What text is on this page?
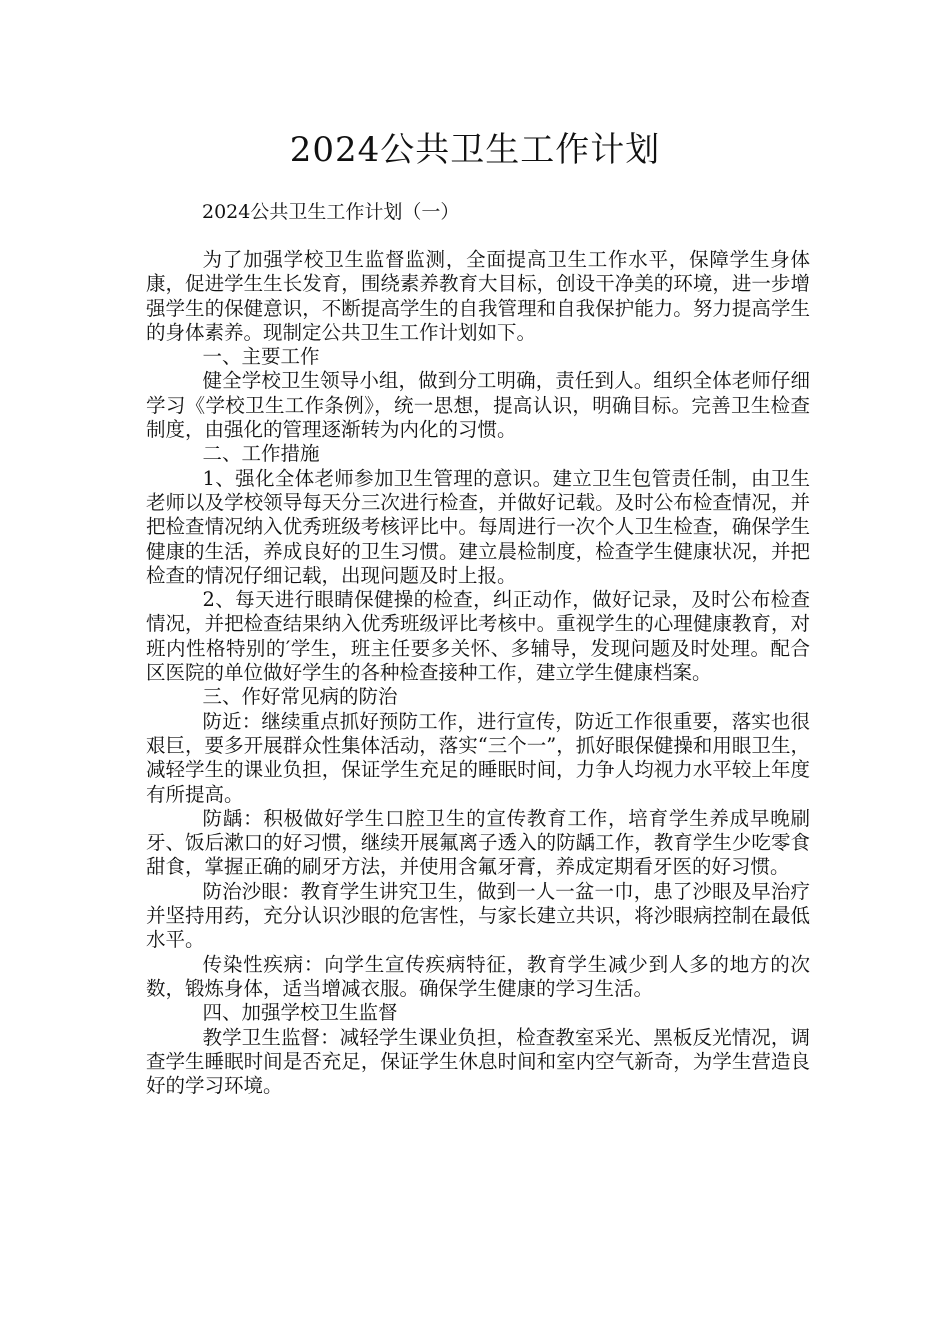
2024公共卫生工作计划
2024公共卫生工作计划（一）

为了加强学校卫生监督监测，全面提高卫生工作水平，保障学生身体康，促进学生生长发育，围绕素养教育大目标，创设干净美的环境，进一步增强学生的保健意识，不断提高学生的自我管理和自我保护能力。努力提高学生的身体素养。现制定公共卫生工作计划如下。

一、主要工作

健全学校卫生领导小组，做到分工明确，责任到人。组织全体老师仔细学习《学校卫生工作条例》，统一思想，提高认识，明确目标。完善卫生检查制度，由强化的管理逐渐转为内化的习惯。

二、工作措施

1、强化全体老师参加卫生管理的意识。建立卫生包管责任制，由卫生老师以及学校领导每天分三次进行检查，并做好记载。及时公布检查情况，并把检查情况纳入优秀班级考核评比中。每周进行一次个人卫生检查，确保学生健康的生活，养成良好的卫生习惯。建立晨检制度，检查学生健康状况，并把检查的情况仔细记载，出现问题及时上报。

2、每天进行眼睛保健操的检查，纠正动作，做好记录，及时公布检查情况，并把检查结果纳入优秀班级评比考核中。重视学生的心理健康教育，对班内性格特别的′学生，班主任要多关怀、多辅导，发现问题及时处理。配合区医院的单位做好学生的各种检查接种工作，建立学生健康档案。

三、作好常见病的防治

防近：继续重点抓好预防工作，进行宣传，防近工作很重要，落实也很艰巨，要多开展群众性集体活动，落实“三个一”，抓好眼保健操和用眼卫生，减轻学生的课业负担，保证学生充足的睡眠时间，力争人均视力水平较上年度有所提高。

防龋：积极做好学生口腔卫生的宣传教育工作，培育学生养成早晚刷牙、饭后漱口的好习惯，继续开展氟离子透入的防龋工作，教育学生少吃零食甜食，掌握正确的刷牙方法，并使用含氟牙膏，养成定期看牙医的好习惯。

防治沙眼：教育学生讲究卫生，做到一人一盆一巾，患了沙眼及早治疗并坚持用药，充分认识沙眼的危害性，与家长建立共识，将沙眼病控制在最低水平。

传染性疾病：向学生宣传疾病特征，教育学生减少到人多的地方的次数，锻炼身体，适当增减衣服。确保学生健康的学习生活。

四、加强学校卫生监督

教学卫生监督：减轻学生课业负担，检查教室采光、黑板反光情况，调查学生睡眠时间是否充足，保证学生休息时间和室内空气新奇，为学生营造良好的学习环境。
